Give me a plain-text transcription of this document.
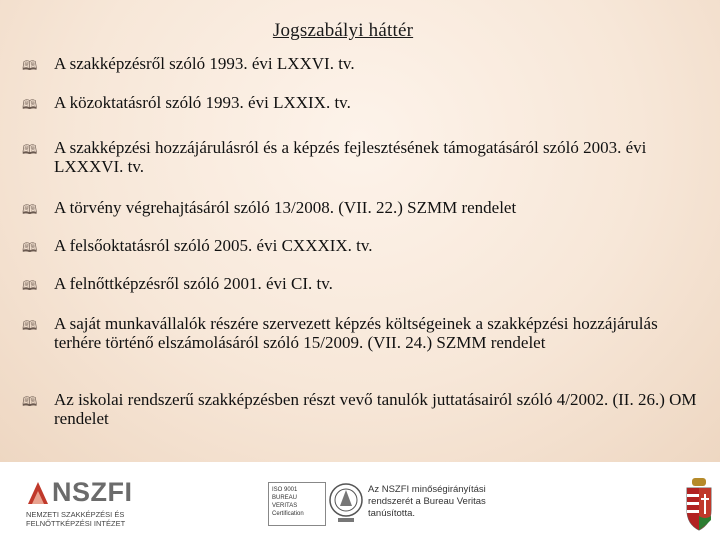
Jogszabályi háttér
🕮 A szakképzésről szóló 1993. évi LXXVI. tv.
🕮 A közoktatásról szóló 1993. évi LXXIX. tv.
🕮 A szakképzési hozzájárulásról és a képzés fejlesztésének támogatásáról szóló 2003. évi LXXXVI. tv.
🕮 A törvény végrehajtásáról szóló 13/2008. (VII. 22.) SZMM rendelet
🕮 A felsőoktatásról szóló 2005. évi CXXXIX. tv.
🕮 A felnőttképzésről szóló 2001. évi CI. tv.
🕮 A saját munkavállalók részére szervezett képzés költségeinek a szakképzési hozzájárulás terhére történő elszámolásáról szóló 15/2009. (VII. 24.) SZMM rendelet
🕮 Az iskolai rendszerű szakképzésben részt vevő tanulók juttatásairól szóló 4/2002. (II. 26.) OM rendelet
NSZFI
NEMZETI SZAKKÉPZÉSI ÉS FELNŐTTKÉPZÉSI INTÉZET
ISO 9001
BUREAU VERITAS
Certification
Az NSZFI minőségirányítási
rendszerét a Bureau Veritas
tanúsította.
